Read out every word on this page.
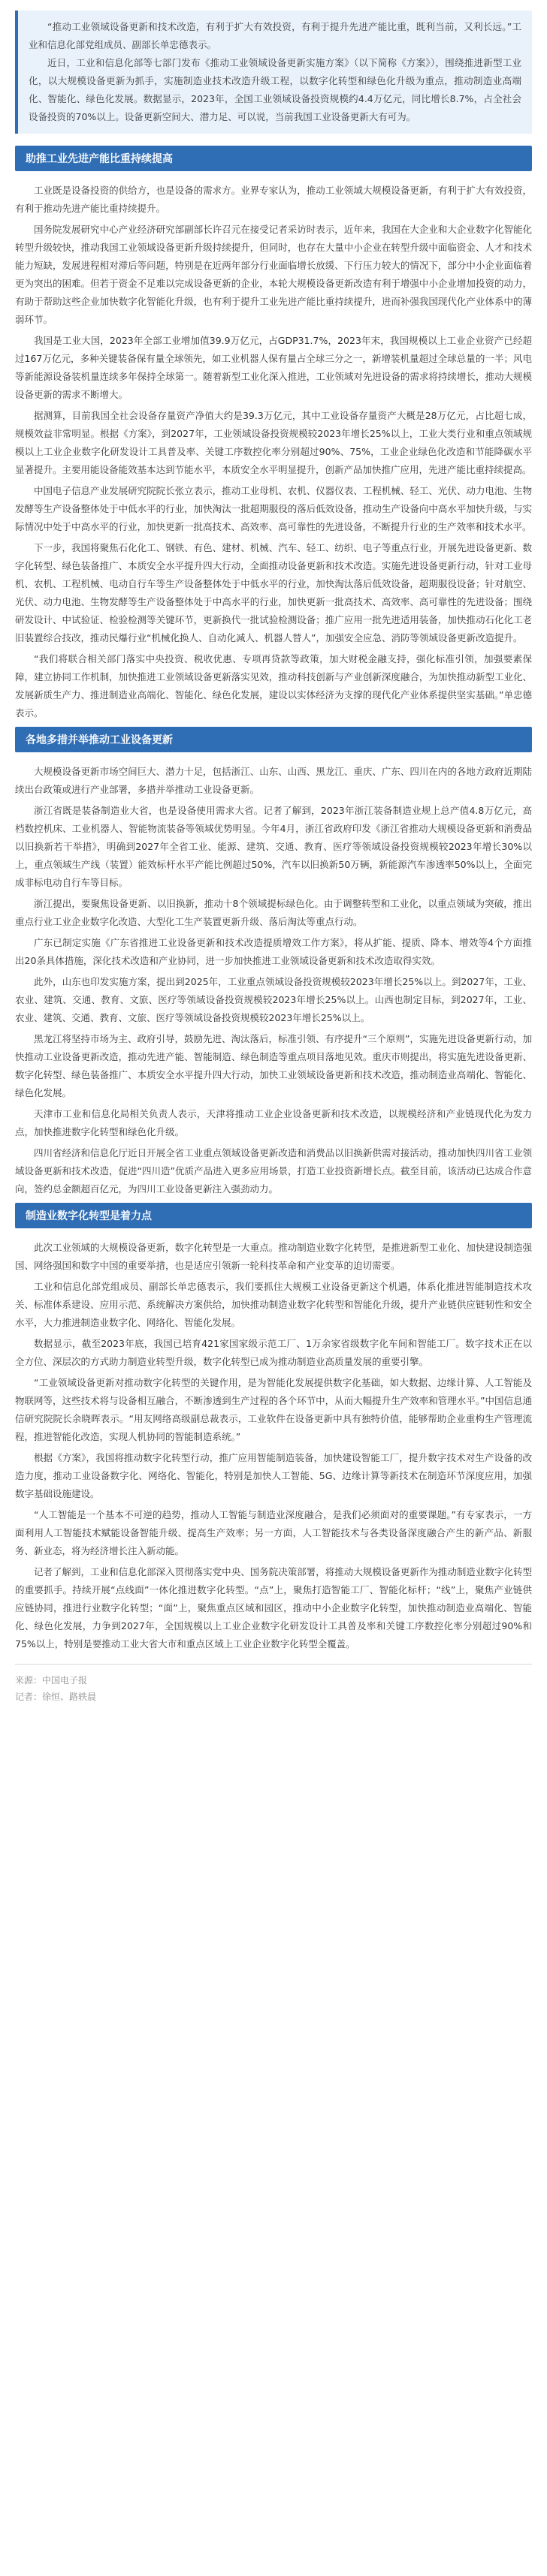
“推动工业领域设备更新和技术改造，有利于扩大有效投资，有利于提升先进产能比重，既利当前，又利长远。”工业和信息化部党组成员、副部长单忠德表示。

近日，工业和信息化部等七部门发布《推动工业领域设备更新实施方案》（以下简称《方案》），围绕推进新型工业化，以大规模设备更新为抓手，实施制造业技术改造升级工程，以数字化转型和绿色化升级为重点，推动制造业高端化、智能化、绿色化发展。数据显示，2023年，全国工业领域设备投资规模约4.4万亿元，同比增长8.7%，占全社会设备投资的70%以上。设备更新空间大、潜力足、可以说，当前我国工业设备更新大有可为。

助推工业先进产能比重持续提高

工业既是设备投资的供给方，也是设备的需求方。业界专家认为，推动工业领域大规模设备更新，有利于扩大有效投资，有利于推动先进产能比重持续提升。

国务院发展研究中心产业经济研究部副部长许召元在接受记者采访时表示，近年来，我国在大企业和大企业数字化智能化转型升级较快，推动我国工业领域设备更新升级持续提升，但同时，也存在大量中小企业在转型升级中面临资金、人才和技术能力短缺，发展进程相对滞后等问题，特别是在近两年部分行业面临增长放缓、下行压力较大的情况下，部分中小企业面临着更为突出的困难。但若于资金不足难以完成设备更新的企业，本轮大规模设备更新改造有利于增强中小企业增加投资的动力，有助于帮助这些企业加快数字化智能化升级，也有利于提升工业先进产能比重持续提升，进而补强我国现代化产业体系中的薄弱环节。

我国是工业大国，2023年全部工业增加值39.9万亿元，占GDP31.7%，2023年末，我国规模以上工业企业资产已经超过167万亿元，多种关键装备保有量全球领先，如工业机器人保有量占全球三分之一，新增装机量超过全球总量的一半；风电等新能源设备装机量连续多年保持全球第一。随着新型工业化深入推进，工业领域对先进设备的需求将持续增长，推动大规模设备更新的需求不断增大。

据测算，目前我国全社会设备存量资产净值大约是39.3万亿元，其中工业设备存量资产大概是28万亿元，占比超七成，规模效益非常明显。根据《方案》，到2027年，工业领域设备投资规模较2023年增长25%以上，工业大类行业和重点领域规模以上工业企业数字化研发设计工具普及率、关键工序数控化率分别超过90%、75%，工业企业绿色化改造和节能降碳水平显著提升。主要用能设备能效基本达到节能水平，本质安全水平明显提升，创新产品加快推广应用，先进产能比重持续提高。

中国电子信息产业发展研究院院长张立表示，推动工业母机、农机、仪器仪表、工程机械、轻工、光伏、动力电池、生物发酵等生产设备整体处于中低水平的行业，加快淘汰一批超期服役的落后低效设备，推动生产设备向中高水平加快升级，与实际情况中处于中高水平的行业，加快更新一批高技术、高效率、高可靠性的先进设备，不断提升行业的生产效率和技术水平。

下一步，我国将聚焦石化化工、钢铁、有色、建材、机械、汽车、轻工、纺织、电子等重点行业，开展先进设备更新、数字化转型、绿色装备推广、本质安全水平提升四大行动，全面推动设备更新和技术改造。实施先进设备更新行动，针对工业母机、农机、工程机械、电动自行车等生产设备整体处于中低水平的行业，加快淘汰落后低效设备，超期服役设备；针对航空、光伏、动力电池、生物发酵等生产设备整体处于中高水平的行业，加快更新一批高技术、高效率、高可靠性的先进设备；围绕研发设计、中试验证、检验检测等关键环节，更新换代一批试验检测设备；推广应用一批先进适用装备，加快推动石化化工老旧装置综合技改，推动民爆行业“机械化换人、自动化减人、机器人替人”，加强安全应急、消防等领域设备更新改造提升。

“我们将联合相关部门落实中央投资、税收优惠、专项再贷款等政策，加大财税金融支持，强化标准引领，加强要素保障，建立协同工作机制，加快推进工业领域设备更新落实见效，推动科技创新与产业创新深度融合，为加快推动新型工业化、发展新质生产力、推进制造业高端化、智能化、绿色化发展，建设以实体经济为支撑的现代化产业体系提供坚实基础。”单忠德表示。

各地多措并举推动工业设备更新

大规模设备更新市场空间巨大、潜力十足，包括浙江、山东、山西、黑龙江、重庆、广东、四川在内的各地方政府近期陆续出台政策或进行产业部署，多措并举推动工业设备更新。

浙江省既是装备制造业大省，也是设备使用需求大省。记者了解到，2023年浙江装备制造业规上总产值4.8万亿元，高档数控机床、工业机器人、智能物流装备等领域优势明显。今年4月，浙江省政府印发《浙江省推动大规模设备更新和消费品以旧换新若干举措》，明确到2027年全省工业、能源、建筑、交通、教育、医疗等领域设备投资规模较2023年增长30%以上，重点领域生产线（装置）能效标杆水平产能比例超过50%，汽车以旧换新50万辆，新能源汽车渗透率50%以上，全面完成非标电动自行车等目标。

浙江提出，要聚焦设备更新、以旧换新，推动十8个领域提标绿色化。由于调整转型和工业化，以重点领域为突破，推出重点行业工业企业数字化改造、大型化工生产装置更新升级、落后淘汰等重点行动。

广东已制定实施《广东省推进工业设备更新和技术改造提质增效工作方案》，将从扩能、提质、降本、增效等4个方面推出20条具体措施，深化技术改造和产业协同，进一步加快推进工业领域设备更新和技术改造取得实效。

此外，山东也印发实施方案，提出到2025年，工业重点领域设备投资规模较2023年增长25%以上。到2027年，工业、农业、建筑、交通、教育、文旅、医疗等领域设备投资规模较2023年增长25%以上。山西也制定目标，到2027年，工业、农业、建筑、交通、教育、文旅、医疗等领域设备投资规模较2023年增长25%以上。

黑龙江将坚持市场为主、政府引导，鼓励先进、淘汰落后，标准引领、有序提升“三个原则”，实施先进设备更新行动，加快推动工业设备更新改造，推动先进产能、智能制造、绿色制造等重点项目落地见效。重庆市则提出，将实施先进设备更新、数字化转型、绿色装备推广、本质安全水平提升四大行动，加快工业领域设备更新和技术改造，推动制造业高端化、智能化、绿色化发展。

天津市工业和信息化局相关负责人表示，天津将推动工业企业设备更新和技术改造，以规模经济和产业链现代化为发力点，加快推进数字化转型和绿色化升级。

四川省经济和信息化厅近日开展全省工业重点领域设备更新改造和消费品以旧换新供需对接活动，推动加快四川省工业领域设备更新和技术改造，促进“四川造”优质产品进入更多应用场景，打造工业投资新增长点。截至目前，该活动已达成合作意向，签约总金额超百亿元，为四川工业设备更新注入强劲动力。

制造业数字化转型是着力点

此次工业领域的大规模设备更新，数字化转型是一大重点。推动制造业数字化转型，是推进新型工业化、加快建设制造强国、网络强国和数字中国的重要举措，也是适应引领新一轮科技革命和产业变革的迫切需要。

工业和信息化部党组成员、副部长单忠德表示，我们要抓住大规模工业设备更新这个机遇，体系化推进智能制造技术攻关、标准体系建设、应用示范、系统解决方案供给，加快推动制造业数字化转型和智能化升级，提升产业链供应链韧性和安全水平，大力推进制造业数字化、网络化、智能化发展。

数据显示，截至2023年底，我国已培育421家国家级示范工厂、1万余家省级数字化车间和智能工厂。数字技术正在以全方位、深层次的方式助力制造业转型升级，数字化转型已成为推动制造业高质量发展的重要引擎。

“工业领域设备更新对推动数字化转型的关键作用，是为智能化发展提供数字化基础，如大数据、边缘计算、人工智能及物联网等，这些技术将与设备相互融合，不断渗透到生产过程的各个环节中，从而大幅提升生产效率和管理水平。”中国信息通信研究院院长余晓晖表示。“用友网络高级副总裁表示，工业软件在设备更新中具有独特价值，能够帮助企业重构生产管理流程，推进智能化改造，实现人机协同的智能制造系统。”

根据《方案》，我国将推动数字化转型行动，推广应用智能制造装备，加快建设智能工厂，提升数字技术对生产设备的改造力度，推动工业设备数字化、网络化、智能化，特别是加快人工智能、5G、边缘计算等新技术在制造环节深度应用，加强数字基础设施建设。

“人工智能是一个基本不可逆的趋势，推动人工智能与制造业深度融合，是我们必须面对的重要课题。”有专家表示，一方面利用人工智能技术赋能设备智能升级、提高生产效率；另一方面，人工智能技术与各类设备深度融合产生的新产品、新服务、新业态，将为经济增长注入新动能。

记者了解到，工业和信息化部深入贯彻落实党中央、国务院决策部署，将推动大规模设备更新作为推动制造业数字化转型的重要抓手。持续开展“点线面”一体化推进数字化转型。“点”上，聚焦打造智能工厂、智能化标杆；“线”上，聚焦产业链供应链协同，推进行业数字化转型；“面”上，聚焦重点区域和园区，推动中小企业数字化转型，加快推动制造业高端化、智能化、绿色化发展，力争到2027年，全国规模以上工业企业数字化研发设计工具普及率和关键工序数控化率分别超过90%和75%以上，特别是要推动工业大省大市和重点区域上工业企业数字化转型全覆盖。

来源：中国电子报

记者：徐恒、路轶晨
